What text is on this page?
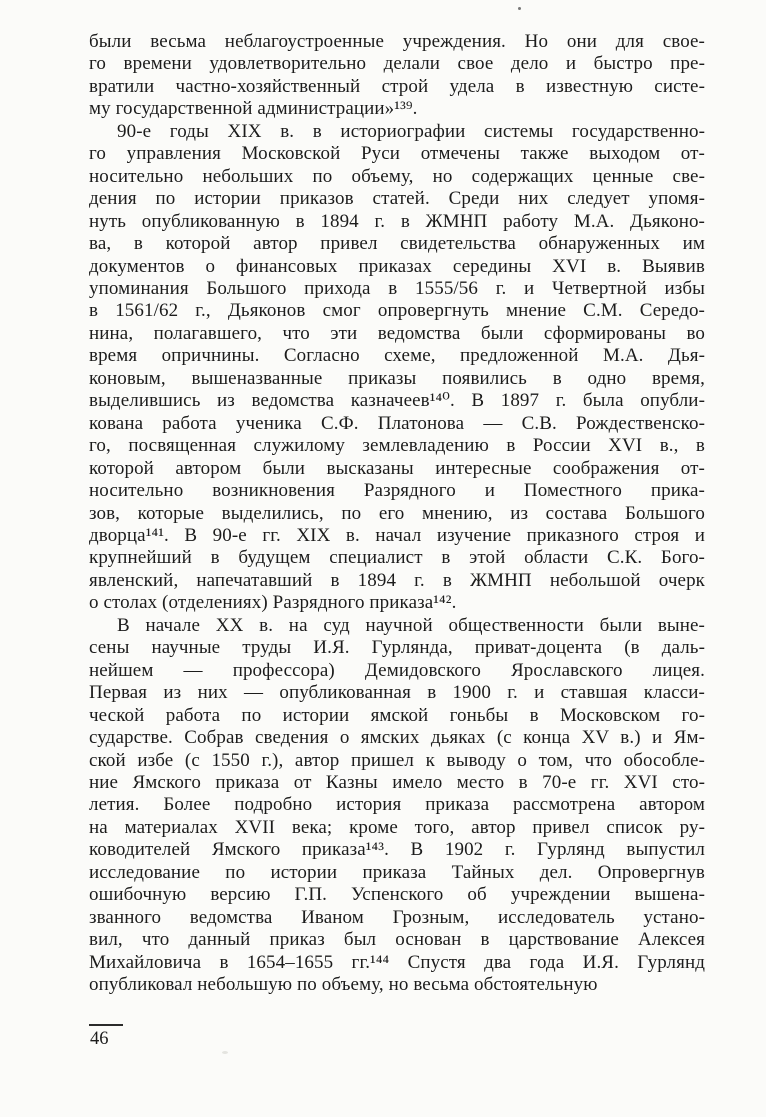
были весьма неблагоустроенные учреждения. Но они для свое-
го времени удовлетворительно делали свое дело и быстро пре-
вратили частно-хозяйственный строй удела в известную систе-
му государственной администрации»¹³⁹.
90-е годы XIX в. в историографии системы государственно-
го управления Московской Руси отмечены также выходом от-
носительно небольших по объему, но содержащих ценные све-
дения по истории приказов статей. Среди них следует упомя-
нуть опубликованную в 1894 г. в ЖМНП работу М.А. Дьяконо-
ва, в которой автор привел свидетельства обнаруженных им
документов о финансовых приказах середины XVI в. Выявив
упоминания Большого прихода в 1555/56 г. и Четвертной избы
в 1561/62 г., Дьяконов смог опровергнуть мнение С.М. Середо-
нина, полагавшего, что эти ведомства были сформированы во
время опричнины. Согласно схеме, предложенной М.А. Дья-
коновым, вышеназванные приказы появились в одно время,
выделившись из ведомства казначеев¹⁴⁰. В 1897 г. была опубли-
кована работа ученика С.Ф. Платонова — С.В. Рождественско-
го, посвященная служилому землевладению в России XVI в., в
которой автором были высказаны интересные соображения от-
носительно возникновения Разрядного и Поместного прика-
зов, которые выделились, по его мнению, из состава Большого
дворца¹⁴¹. В 90-е гг. XIX в. начал изучение приказного строя и
крупнейший в будущем специалист в этой области С.К. Бого-
явленский, напечатавший в 1894 г. в ЖМНП небольшой очерк
о столах (отделениях) Разрядного приказа¹⁴².
В начале XX в. на суд научной общественности были выне-
сены научные труды И.Я. Гурлянда, приват-доцента (в даль-
нейшем — профессора) Демидовского Ярославского лицея.
Первая из них — опубликованная в 1900 г. и ставшая класси-
ческой работа по истории ямской гоньбы в Московском го-
сударстве. Собрав сведения о ямских дьяках (с конца XV в.) и Ям-
ской избе (с 1550 г.), автор пришел к выводу о том, что обособле-
ние Ямского приказа от Казны имело место в 70-е гг. XVI сто-
летия. Более подробно история приказа рассмотрена автором
на материалах XVII века; кроме того, автор привел список ру-
ководителей Ямского приказа¹⁴³. В 1902 г. Гурлянд выпустил
исследование по истории приказа Тайных дел. Опровергнув
ошибочную версию Г.П. Успенского об учреждении вышена-
званного ведомства Иваном Грозным, исследователь устано-
вил, что данный приказ был основан в царствование Алексея
Михайловича в 1654–1655 гг.¹⁴⁴ Спустя два года И.Я. Гурлянд
опубликовал небольшую по объему, но весьма обстоятельную
46
